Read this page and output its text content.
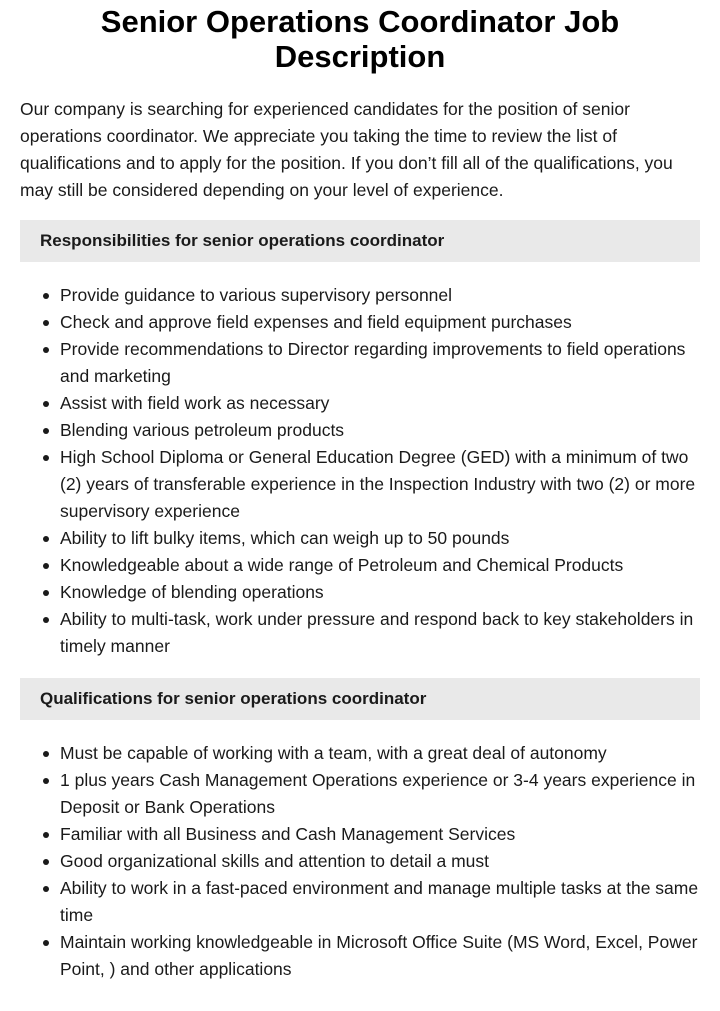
Senior Operations Coordinator Job Description

Our company is searching for experienced candidates for the position of senior operations coordinator. We appreciate you taking the time to review the list of qualifications and to apply for the position. If you don’t fill all of the qualifications, you may still be considered depending on your level of experience.

Responsibilities for senior operations coordinator
Provide guidance to various supervisory personnel
Check and approve field expenses and field equipment purchases
Provide recommendations to Director regarding improvements to field operations and marketing
Assist with field work as necessary
Blending various petroleum products
High School Diploma or General Education Degree (GED) with a minimum of two (2) years of transferable experience in the Inspection Industry with two (2) or more supervisory experience
Ability to lift bulky items, which can weigh up to 50 pounds
Knowledgeable about a wide range of Petroleum and Chemical Products
Knowledge of blending operations
Ability to multi-task, work under pressure and respond back to key stakeholders in timely manner
Qualifications for senior operations coordinator
Must be capable of working with a team, with a great deal of autonomy
1 plus years Cash Management Operations experience or 3-4 years experience in Deposit or Bank Operations
Familiar with all Business and Cash Management Services
Good organizational skills and attention to detail a must
Ability to work in a fast-paced environment and manage multiple tasks at the same time
Maintain working knowledgeable in Microsoft Office Suite (MS Word, Excel, Power Point, ) and other applications
